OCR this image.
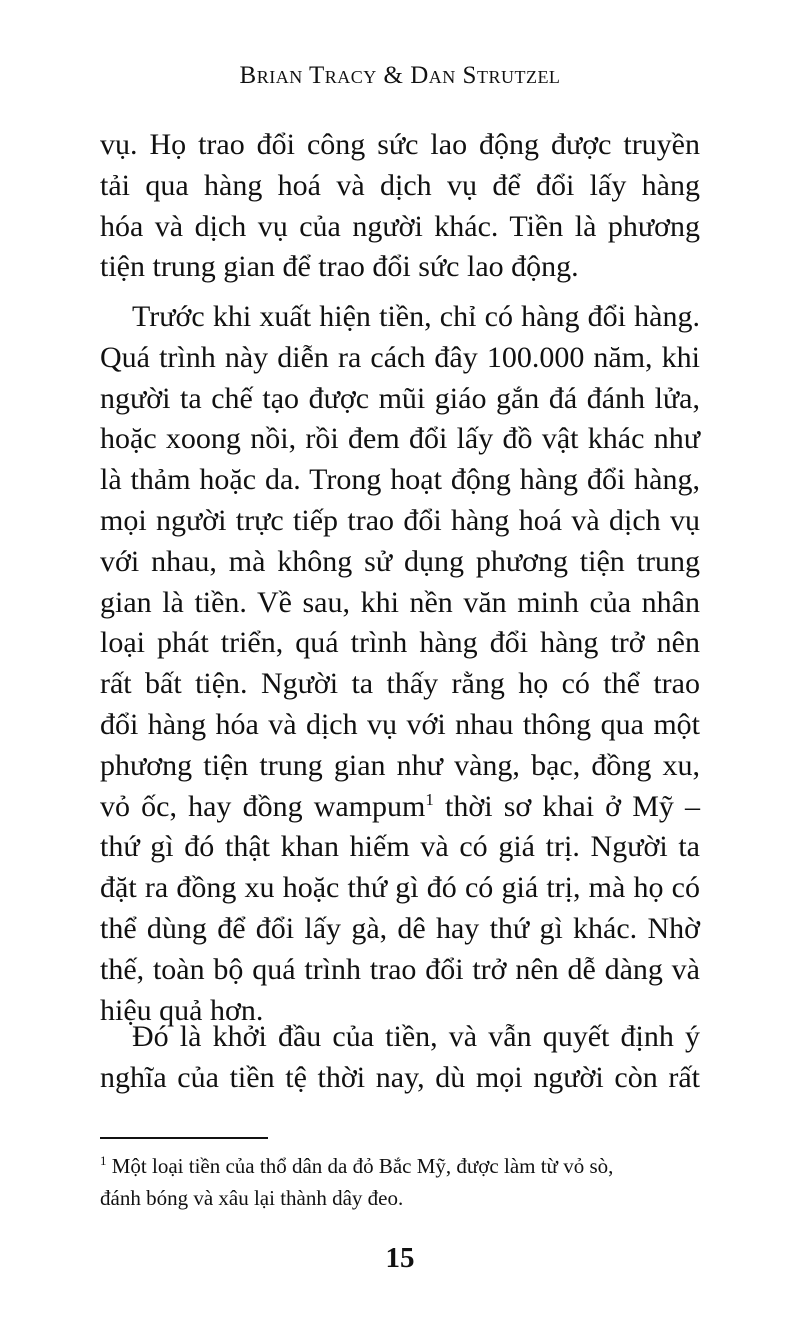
Brian Tracy & Dan Strutzel
vụ. Họ trao đổi công sức lao động được truyền
tải qua hàng hoá và dịch vụ để đổi lấy hàng
hóa và dịch vụ của người khác. Tiền là phương
tiện trung gian để trao đổi sức lao động.
Trước khi xuất hiện tiền, chỉ có hàng đổi hàng.
Quá trình này diễn ra cách đây 100.000 năm, khi
người ta chế tạo được mũi giáo gắn đá đánh lửa,
hoặc xoong nồi, rồi đem đổi lấy đồ vật khác như
là thảm hoặc da. Trong hoạt động hàng đổi hàng,
mọi người trực tiếp trao đổi hàng hoá và dịch vụ
với nhau, mà không sử dụng phương tiện trung
gian là tiền. Về sau, khi nền văn minh của nhân
loại phát triển, quá trình hàng đổi hàng trở nên
rất bất tiện. Người ta thấy rằng họ có thể trao
đổi hàng hóa và dịch vụ với nhau thông qua một
phương tiện trung gian như vàng, bạc, đồng xu,
vỏ ốc, hay đồng wampum$^1$ thời sơ khai ở Mỹ –
thứ gì đó thật khan hiếm và có giá trị. Người ta
đặt ra đồng xu hoặc thứ gì đó có giá trị, mà họ có
thể dùng để đổi lấy gà, dê hay thứ gì khác. Nhờ
thế, toàn bộ quá trình trao đổi trở nên dễ dàng và
hiệu quả hơn.
Đó là khởi đầu của tiền, và vẫn quyết định ý
nghĩa của tiền tệ thời nay, dù mọi người còn rất
$^1$ Một loại tiền của thổ dân da đỏ Bắc Mỹ, được làm từ vỏ sò,
đánh bóng và xâu lại thành dây đeo.
15
